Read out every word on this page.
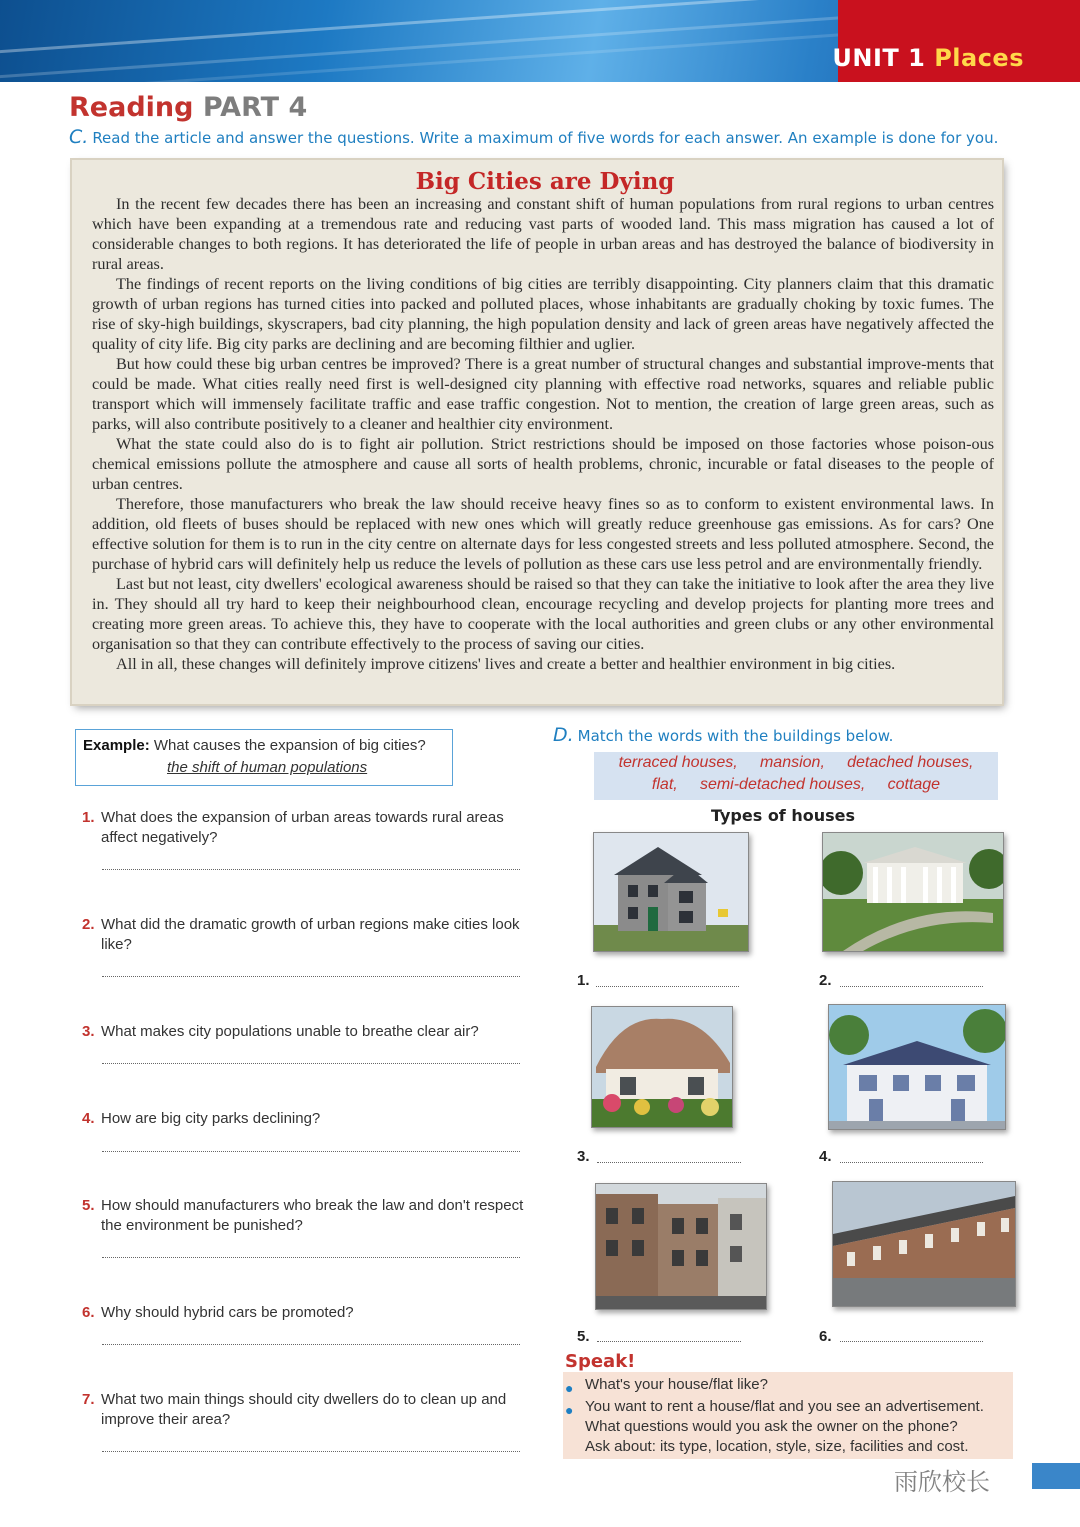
UNIT 1 Places
Reading PART 4
C. Read the article and answer the questions. Write a maximum of five words for each answer. An example is done for you.
Big Cities are Dying

In the recent few decades there has been an increasing and constant shift of human populations from rural regions to urban centres which have been expanding at a tremendous rate and reducing vast parts of wooded land. This mass migration has caused a lot of considerable changes to both regions. It has deteriorated the life of people in urban areas and has destroyed the balance of biodiversity in rural areas.

The findings of recent reports on the living conditions of big cities are terribly disappointing. City planners claim that this dramatic growth of urban regions has turned cities into packed and polluted places, whose inhabitants are gradually choking by toxic fumes. The rise of sky-high buildings, skyscrapers, bad city planning, the high population density and lack of green areas have negatively affected the quality of city life. Big city parks are declining and are becoming filthier and uglier.

But how could these big urban centres be improved? There is a great number of structural changes and substantial improve-ments that could be made. What cities really need first is well-designed city planning with effective road networks, squares and reliable public transport which will immensely facilitate traffic and ease traffic congestion. Not to mention, the creation of large green areas, such as parks, will also contribute positively to a cleaner and healthier city environment.

What the state could also do is to fight air pollution. Strict restrictions should be imposed on those factories whose poison-ous chemical emissions pollute the atmosphere and cause all sorts of health problems, chronic, incurable or fatal diseases to the people of urban centres.

Therefore, those manufacturers who break the law should receive heavy fines so as to conform to existent environmental laws. In addition, old fleets of buses should be replaced with new ones which will greatly reduce greenhouse gas emissions. As for cars? One effective solution for them is to run in the city centre on alternate days for less congested streets and less polluted atmosphere. Second, the purchase of hybrid cars will definitely help us reduce the levels of pollution as these cars use less petrol and are environmentally friendly.

Last but not least, city dwellers' ecological awareness should be raised so that they can take the initiative to look after the area they live in. They should all try hard to keep their neighbourhood clean, encourage recycling and develop projects for planting more trees and creating more green areas. To achieve this, they have to cooperate with the local authorities and green clubs or any other environmental organisation so that they can contribute effectively to the process of saving our cities.

All in all, these changes will definitely improve citizens' lives and create a better and healthier environment in big cities.

Example: What causes the expansion of big cities?
the shift of human populations
1. What does the expansion of urban areas towards rural areas affect negatively?
2. What did the dramatic growth of urban regions make cities look like?
3. What makes city populations unable to breathe clear air?
4. How are big city parks declining?
5. How should manufacturers who break the law and don't respect the environment be punished?
6. Why should hybrid cars be promoted?
7. What two main things should city dwellers do to clean up and improve their area?
D. Match the words with the buildings below.
terraced houses,     mansion,     detached houses,
flat,     semi-detached houses,     cottage
Types of houses
1.	2.
3.	4.
5.	6.
Speak!
● What's your house/flat like?
● You want to rent a house/flat and you see an advertisement.
What questions would you ask the owner on the phone?
Ask about: its type, location, style, size, facilities and cost.
雨欣校长
